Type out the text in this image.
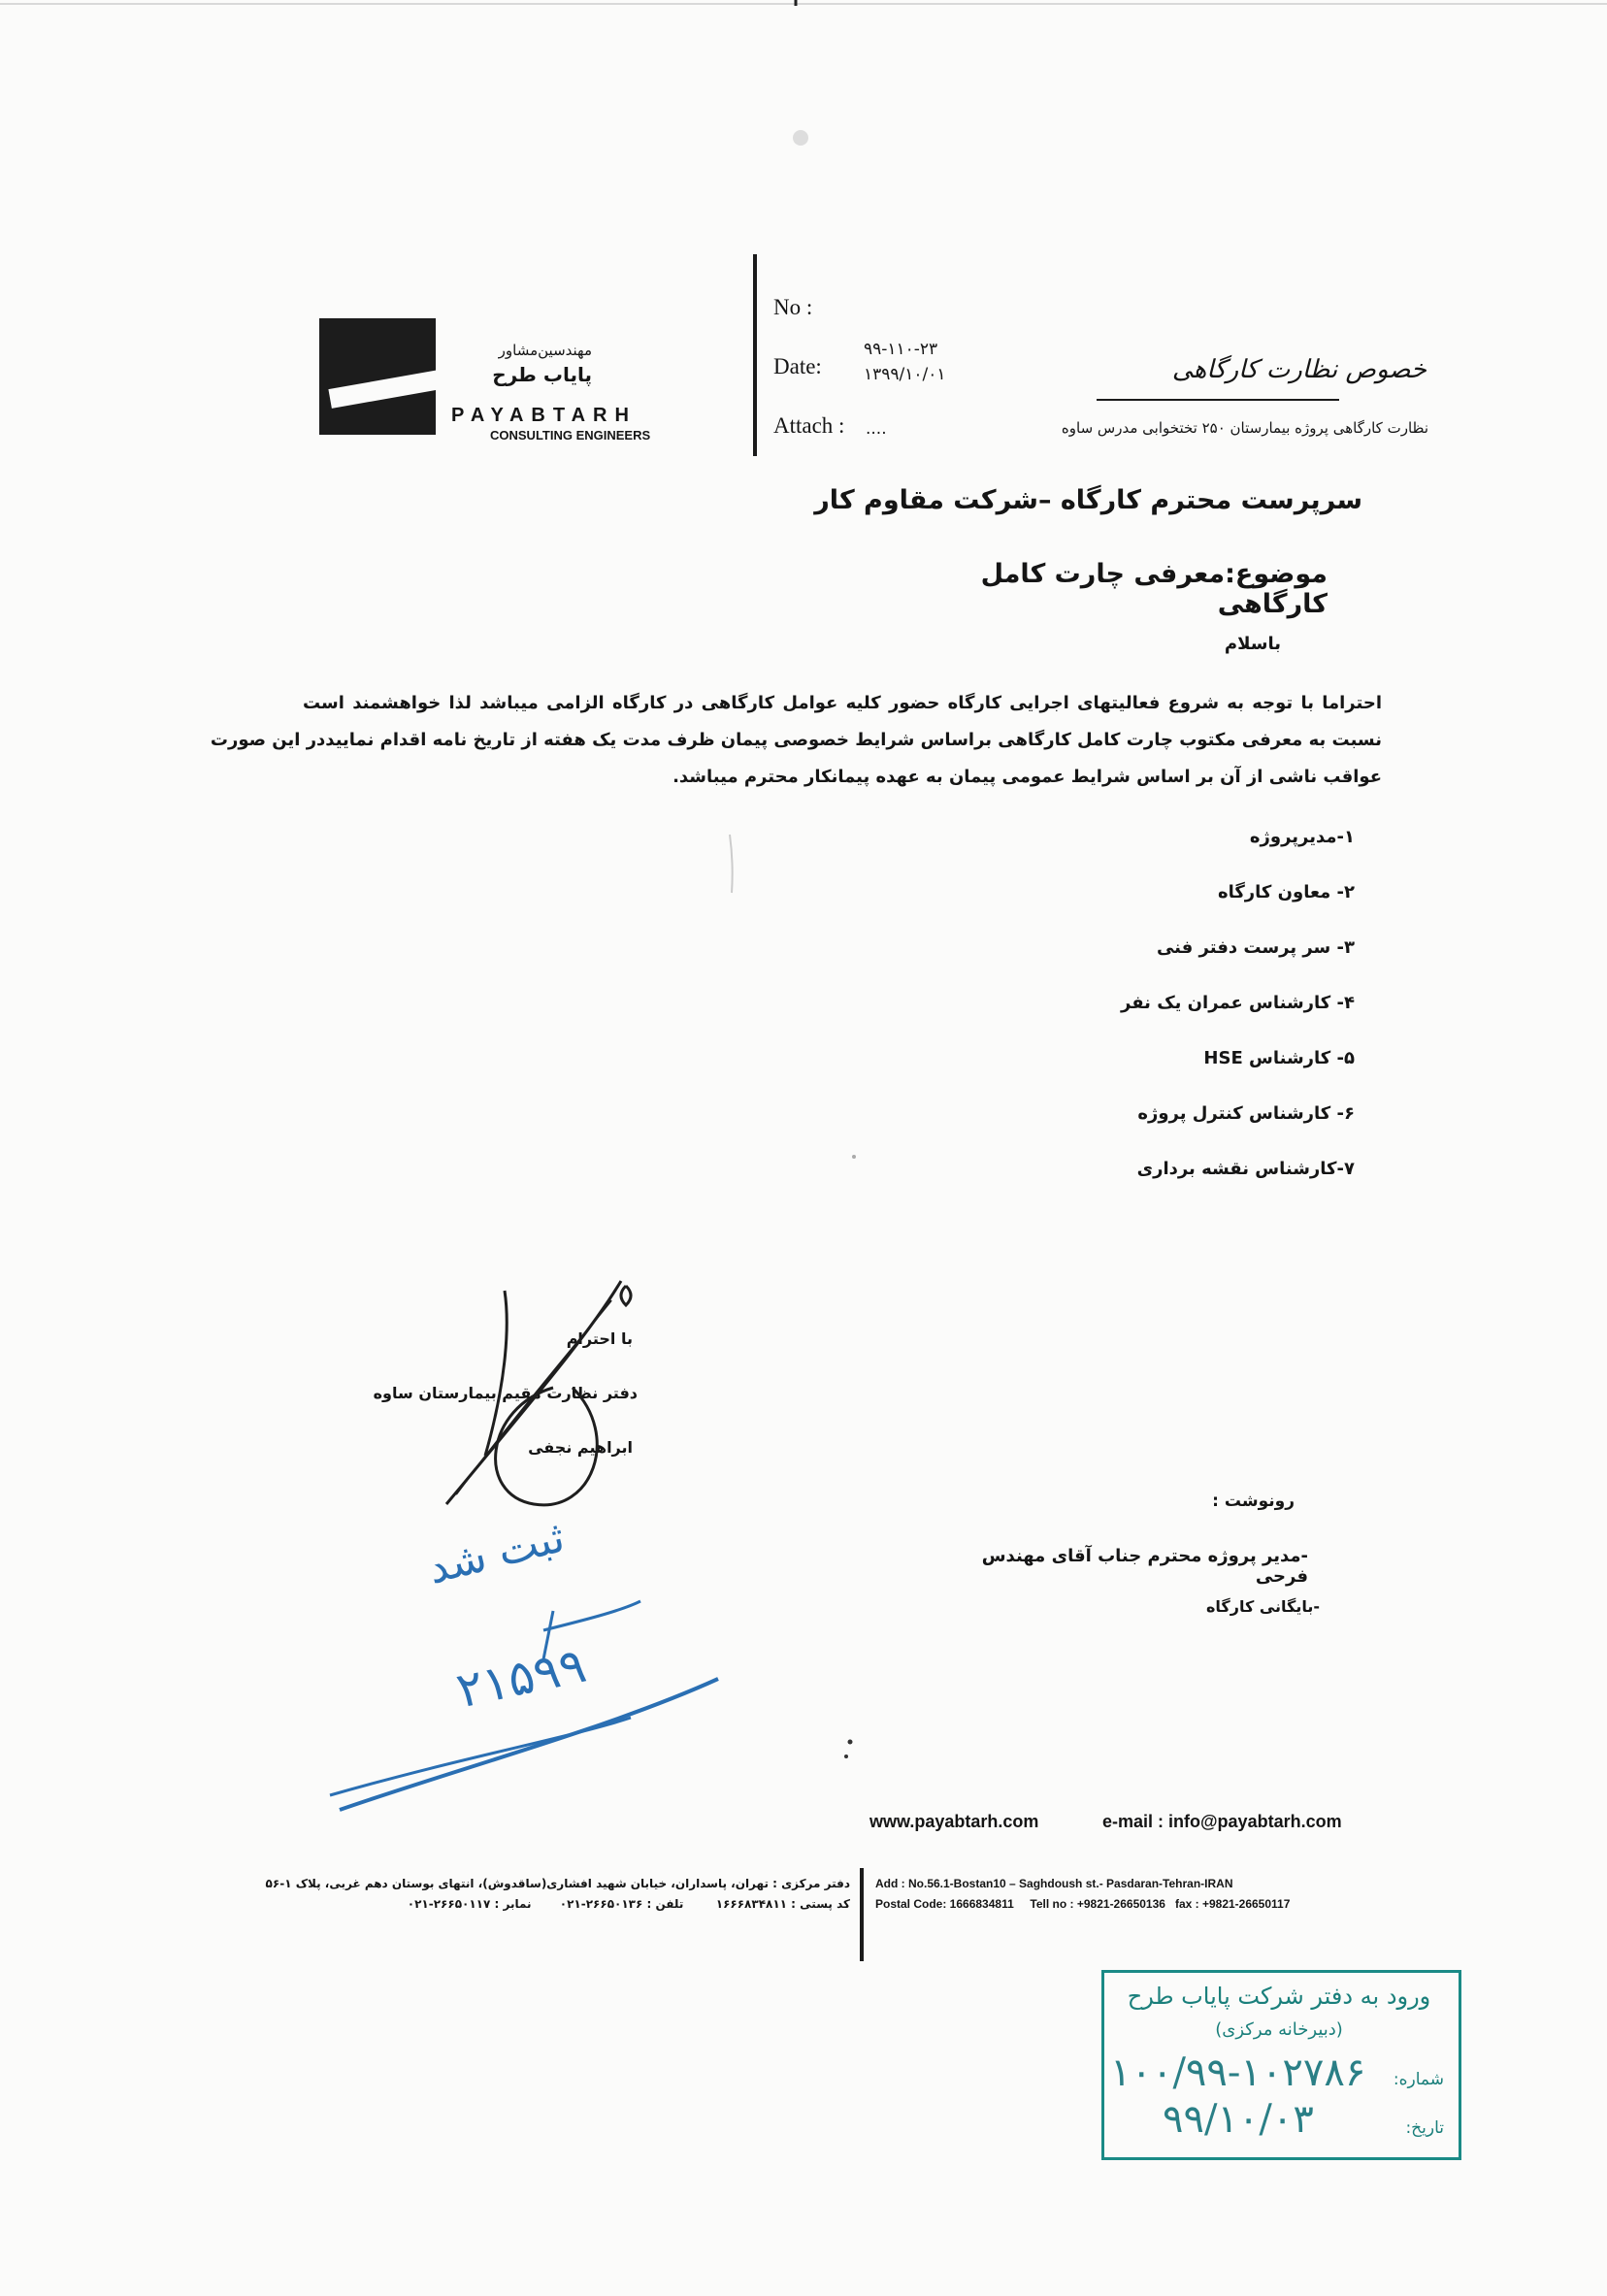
مهندسین‌مشاور
پایاب طرح
PAYABTARH
CONSULTING ENGINEERS
No :
Date:
۹۹-۱۱۰-۲۳
۱۳۹۹/۱۰/۰۱
Attach : ....
خصوص نظارت کارگاهی
نظارت کارگاهی پروژه بیمارستان ۲۵۰ تختخوابی مدرس ساوه
سرپرست محترم کارگاه –شرکت مقاوم کار
موضوع:معرفی چارت کامل کارگاهی
باسلام
احتراما با توجه به شروع فعالیتهای اجرایی کارگاه حضور کلیه عوامل کارگاهی در کارگاه الزامی میباشد لذا خواهشمند است
نسبت به معرفی مکتوب چارت کامل کارگاهی براساس شرایط خصوصی پیمان ظرف مدت یک هفته از تاریخ نامه اقدام نماییددر این صورت
عواقب ناشی از آن بر اساس شرایط عمومی پیمان به عهده پیمانکار محترم میباشد.
۱-مدیرپروژه
۲- معاون کارگاه
۳- سر پرست دفتر فنی
۴- کارشناس عمران یک نفر
۵- کارشناس HSE
۶- کارشناس کنترل پروژه
۷-کارشناس نقشه برداری
با احترام
دفتر نظارت مقیم بیمارستان ساوه
ابراهیم نجفی
ثبت شد
۲۱۵۹۹
رونوشت :
-مدیر پروژه محترم جناب آقای مهندس فرحی
-بایگانی کارگاه
www.payabtarh.com	e-mail : info@payabtarh.com
Add : No.56.1-Bostan10 – Saghdoush st.- Pasdaran-Tehran-IRAN
Postal Code: 1666834811     Tell no : +9821-26650136   fax : +9821-26650117
دفتر مرکزی : تهران، پاسداران، خیابان شهید افشاری(ساقدوش)، انتهای بوستان دهم غربی، پلاک ۱-۵۶
کد پستی : ۱۶۶۶۸۳۴۸۱۱        تلفن : ۲۶۶۵۰۱۳۶-۰۲۱       نمابر : ۲۶۶۵۰۱۱۷-۰۲۱
ورود به دفتر شرکت پایاب طرح
(دبیرخانه مرکزی)
شماره:
۱۰۰/۹۹-۱۰۲۷۸۶
تاریخ:
۹۹/۱۰/۰۳
